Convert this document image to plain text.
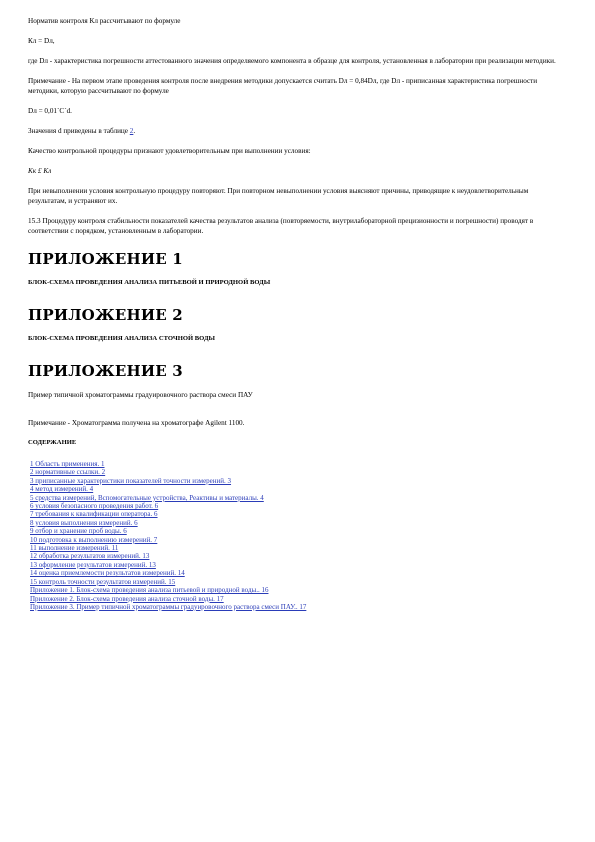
Норматив контроля Кл рассчитывают по формуле

Кл = Dл,

где Dл - характеристика погрешности аттестованного значения определяемого компонента в образце для контроля, установленная в лаборатории при реализации методики.

Примечание - На первом этапе проведения контроля после внедрения методики допускается считать Dл = 0,84Dл, где Dл - приписанная характеристика погрешности методики, которую рассчитывают по формуле

Dл = 0,01´С´d.

Значения d приведены в таблице 2.

Качество контрольной процедуры признают удовлетворительным при выполнении условия:

Кк £ Кл

При невыполнении условия контрольную процедуру повторяют. При повторном невыполнении условия выясняют причины, приводящие к неудовлетворительным результатам, и устраняют их.

15.3 Процедуру контроля стабильности показателей качества результатов анализа (повторяемости, внутрилабораторной прецизионности и погрешности) проводят в соответствии с порядком, установленным в лаборатории.

ПРИЛОЖЕНИЕ 1
БЛОК-СХЕМА ПРОВЕДЕНИЯ АНАЛИЗА ПИТЬЕВОЙ И ПРИРОДНОЙ ВОДЫ
ПРИЛОЖЕНИЕ 2
БЛОК-СХЕМА ПРОВЕДЕНИЯ АНАЛИЗА СТОЧНОЙ ВОДЫ
ПРИЛОЖЕНИЕ 3

Пример типичной хроматограммы градуировочного раствора смеси ПАУ

Примечание - Хроматограмма получена на хроматографе Agilent 1100.

СОДЕРЖАНИЕ
1 Область применения. 1
2 нормативные ссылки. 2
3 приписанные характеристики показателей точности измерений. 3
4 метод измерений. 4
5 средства измерений, Вспомогательные устройства, Реактивы и материалы. 4
6 условия безопасного проведения работ. 6
7 требования к квалификации оператора. 6
8 условия выполнения измерений. 6
9 отбор и хранение проб воды. 6
10 подготовка к выполнению измерений. 7
11 выполнение измерений. 11
12 обработка результатов измерений. 13
13 оформление результатов измерений. 13
14 оценка приемлемости результатов измерений. 14
15 контроль точности результатов измерений. 15
Приложение 1. Блок-схема проведения анализа питьевой и природной воды.. 16
Приложение 2. Блок-схема проведения анализа сточной воды. 17
Приложение 3. Пример типичной хроматограммы градуировочного раствора смеси ПАУ.. 17
